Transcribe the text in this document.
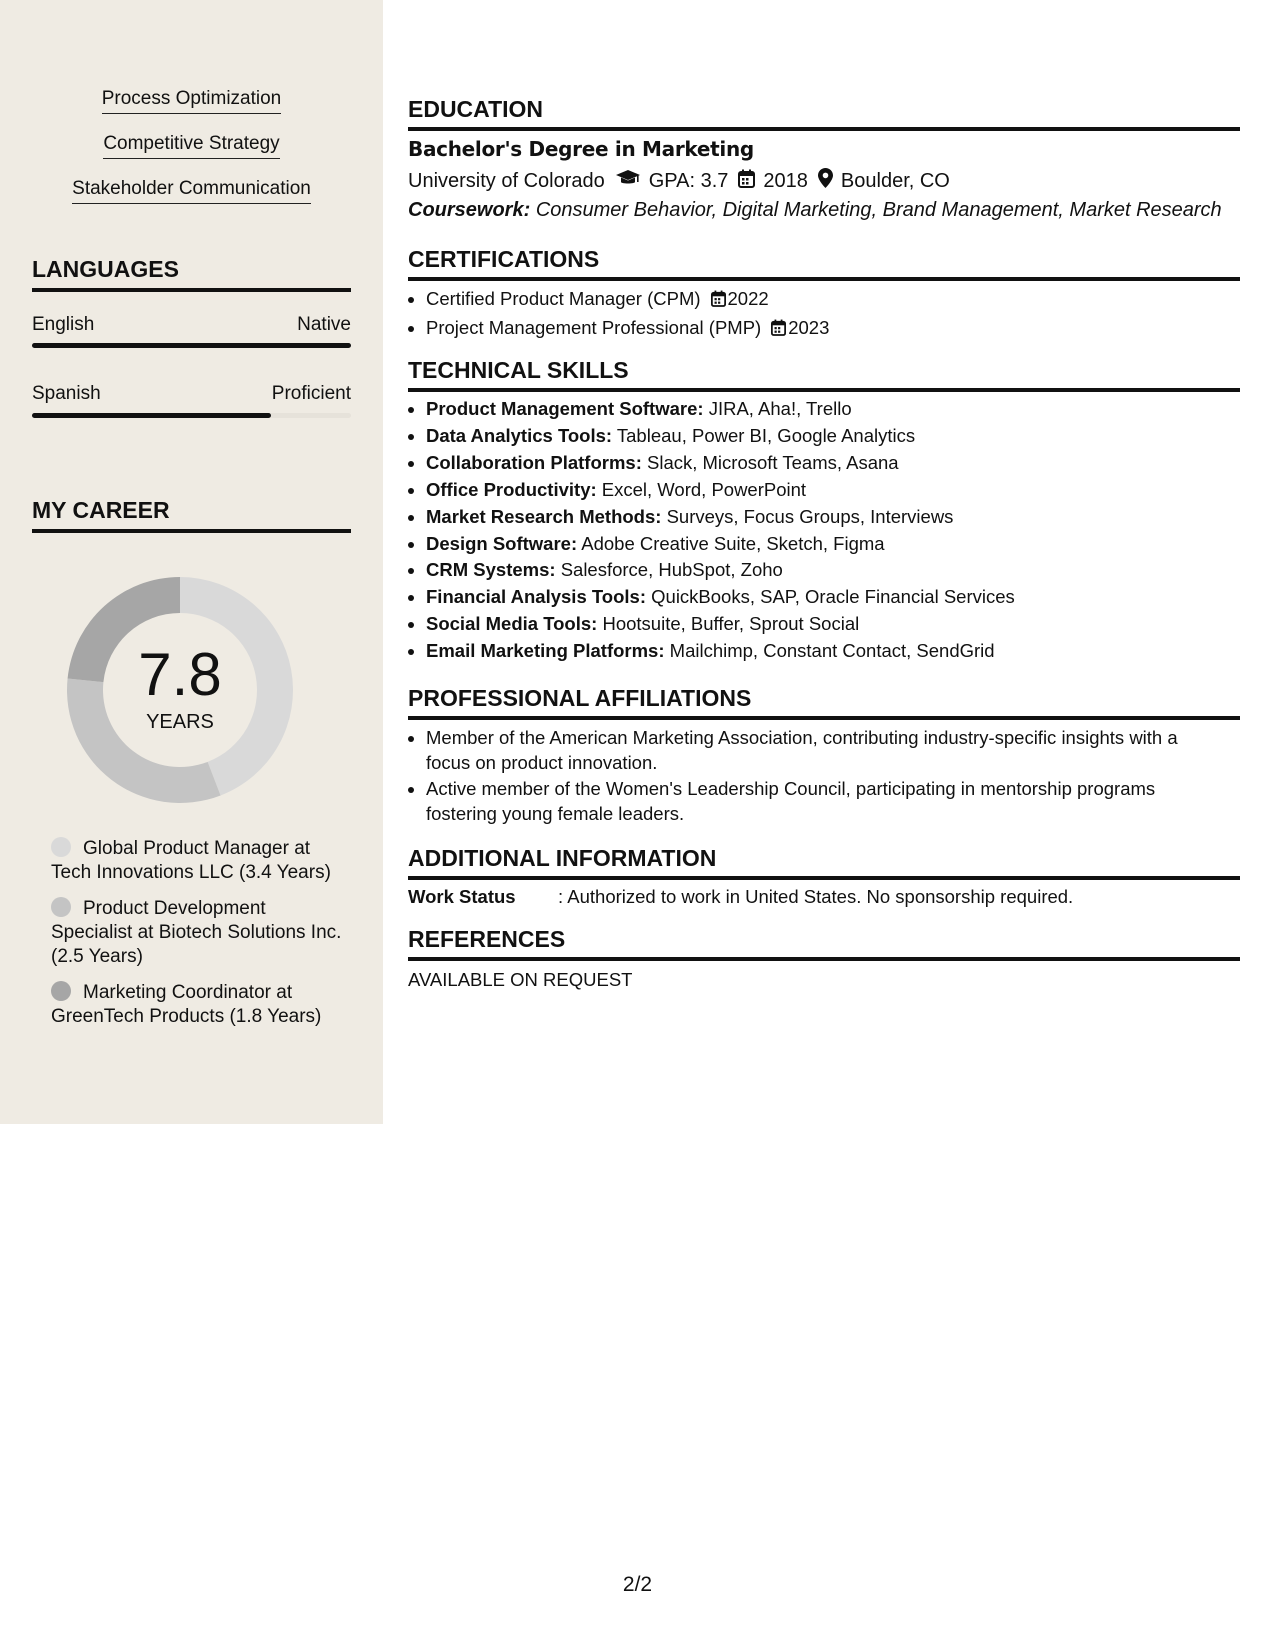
Process Optimization
Competitive Strategy
Stakeholder Communication
LANGUAGES
English	Native
Spanish	Proficient
MY CAREER
7.8
YEARS
Global Product Manager at Tech Innovations LLC (3.4 Years)
Product Development Specialist at Biotech Solutions Inc. (2.5 Years)
Marketing Coordinator at GreenTech Products (1.8 Years)
EDUCATION
Bachelor's Degree in Marketing
University of Colorado GPA: 3.7 2018 Boulder, CO
Coursework: Consumer Behavior, Digital Marketing, Brand Management, Market Research
CERTIFICATIONS
• Certified Product Manager (CPM) 2022
• Project Management Professional (PMP) 2023
TECHNICAL SKILLS
• Product Management Software: JIRA, Aha!, Trello
• Data Analytics Tools: Tableau, Power BI, Google Analytics
• Collaboration Platforms: Slack, Microsoft Teams, Asana
• Office Productivity: Excel, Word, PowerPoint
• Market Research Methods: Surveys, Focus Groups, Interviews
• Design Software: Adobe Creative Suite, Sketch, Figma
• CRM Systems: Salesforce, HubSpot, Zoho
• Financial Analysis Tools: QuickBooks, SAP, Oracle Financial Services
• Social Media Tools: Hootsuite, Buffer, Sprout Social
• Email Marketing Platforms: Mailchimp, Constant Contact, SendGrid
PROFESSIONAL AFFILIATIONS
• Member of the American Marketing Association, contributing industry-specific insights with a focus on product innovation.
• Active member of the Women's Leadership Council, participating in mentorship programs fostering young female leaders.
ADDITIONAL INFORMATION
Work Status : Authorized to work in United States. No sponsorship required.
REFERENCES
AVAILABLE ON REQUEST
2/2
